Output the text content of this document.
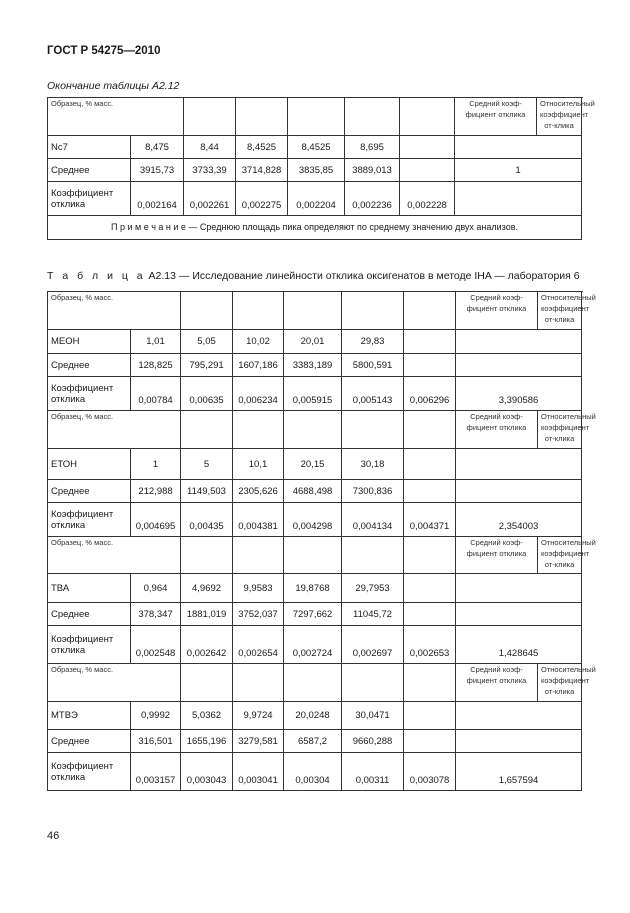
ГОСТ Р 54275—2010
Окончание таблицы А2.12
Образец, % масс.							Средний коэф-фициент отклика	Относительный коэффициент от-клика
Nc7	8,475	8,44	8,4525	8,4525	8,695			
Среднее	3915,73	3733,39	3714,828	3835,85	3889,013		1	
Коэффициент отклика	0,002164	0,002261	0,002275	0,002204	0,002236	0,002228		
П р и м е ч а н и е — Среднюю площадь пика определяют по среднему значению двух анализов.								
Т а б л и ц а А2.13 — Исследование линейности отклика оксигенатов в методе IHA — лаборатория 6
Образец, % масс.							Средний коэф-фициент отклика	Относительный коэффициент от-клика
МЕОН	1,01	5,05	10,02	20,01	29,83			
Среднее	128,825	795,291	1607,186	3383,189	5800,591			
Коэффициент отклика	0,00784	0,00635	0,006234	0,005915	0,005143	0,006296	3,390586	
Образец, % масс.							Средний коэф-фициент отклика	Относительный коэффициент от-клика
ЕТОН	1	5	10,1	20,15	30,18			
Среднее	212,988	1149,503	2305,626	4688,498	7300,836			
Коэффициент отклика	0,004695	0,00435	0,004381	0,004298	0,004134	0,004371	2,354003	
Образец, % масс.							Средний коэф-фициент отклика	Относительный коэффициент от-клика
ТВА	0,964	4,9692	9,9583	19,8768	29,7953			
Среднее	378,347	1881,019	3752,037	7297,662	11045,72			
Коэффициент отклика	0,002548	0,002642	0,002654	0,002724	0,002697	0,002653	1,428645	
Образец, % масс.							Средний коэф-фициент отклика	Относительный коэффициент от-клика
МТВЭ	0,9992	5,0362	9,9724	20,0248	30,0471			
Среднее	316,501	1655,196	3279,581	6587,2	9660,288			
Коэффициент отклика	0,003157	0,003043	0,003041	0,00304	0,00311	0,003078	1,657594	
46
